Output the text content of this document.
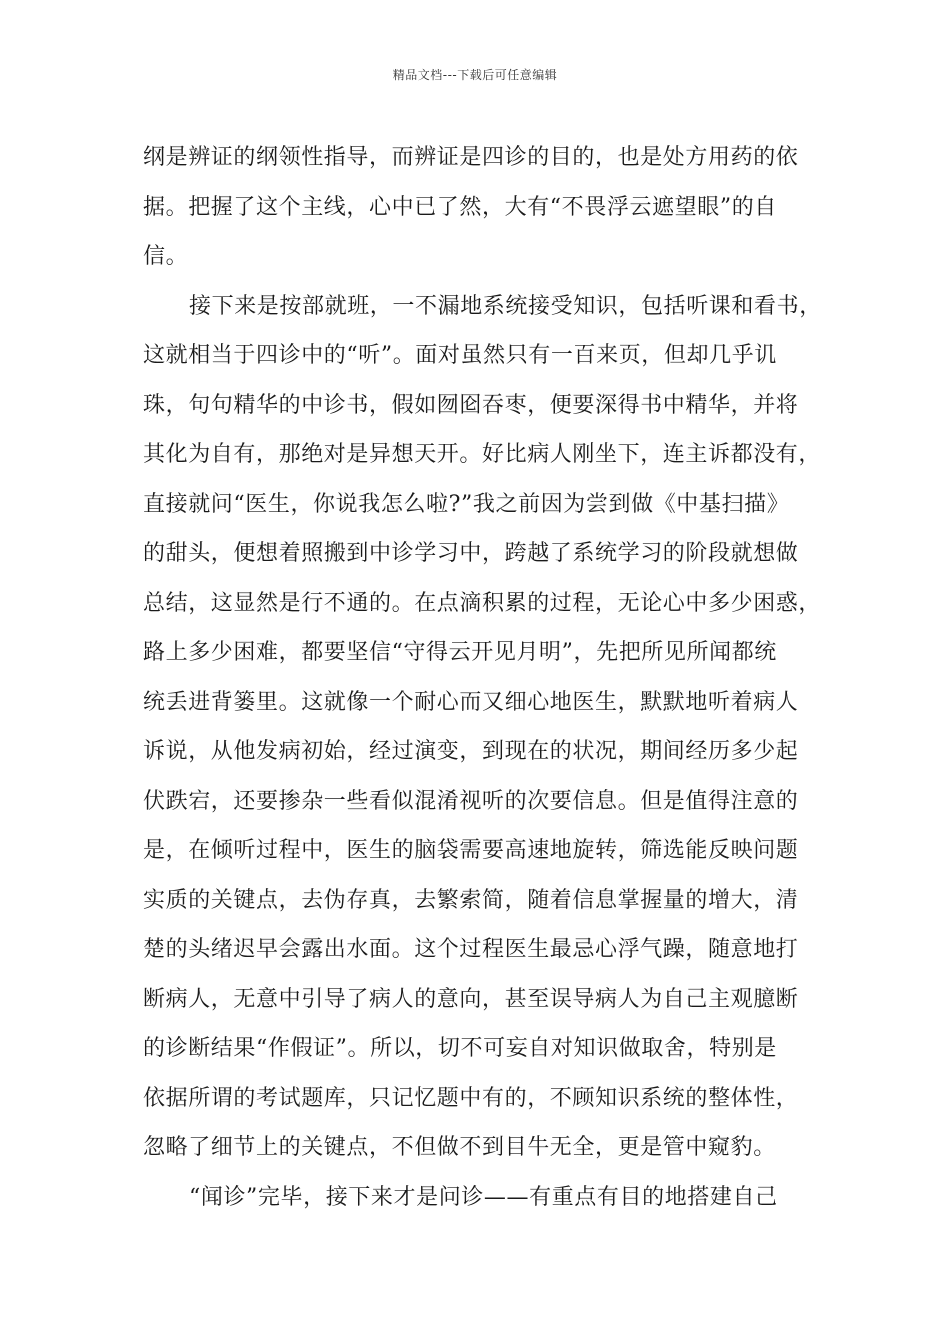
精品文档---下载后可任意编辑
纲是辨证的纲领性指导，而辨证是四诊的目的，也是处方用药的依
据。把握了这个主线，心中已了然，大有“不畏浮云遮望眼”的自
信。
接下来是按部就班，一不漏地系统接受知识，包括听课和看书，
这就相当于四诊中的“听”。面对虽然只有一百来页，但却几乎讥
珠，句句精华的中诊书，假如囫囵吞枣，便要深得书中精华，并将
其化为自有，那绝对是异想天开。好比病人刚坐下，连主诉都没有，
直接就问“医生，你说我怎么啦?”我之前因为尝到做《中基扫描》
的甜头，便想着照搬到中诊学习中，跨越了系统学习的阶段就想做
总结，这显然是行不通的。在点滴积累的过程，无论心中多少困惑，
路上多少困难，都要坚信“守得云开见月明”，先把所见所闻都统
统丢进背篓里。这就像一个耐心而又细心地医生，默默地听着病人
诉说，从他发病初始，经过演变，到现在的状况，期间经历多少起
伏跌宕，还要掺杂一些看似混淆视听的次要信息。但是值得注意的
是，在倾听过程中，医生的脑袋需要高速地旋转，筛选能反映问题
实质的关键点，去伪存真，去繁索简，随着信息掌握量的增大，清
楚的头绪迟早会露出水面。这个过程医生最忌心浮气躁，随意地打
断病人，无意中引导了病人的意向，甚至误导病人为自己主观臆断
的诊断结果“作假证”。所以，切不可妄自对知识做取舍，特别是
依据所谓的考试题库，只记忆题中有的，不顾知识系统的整体性，
忽略了细节上的关键点，不但做不到目牛无全，更是管中窥豹。
“闻诊”完毕，接下来才是问诊——有重点有目的地搭建自己
